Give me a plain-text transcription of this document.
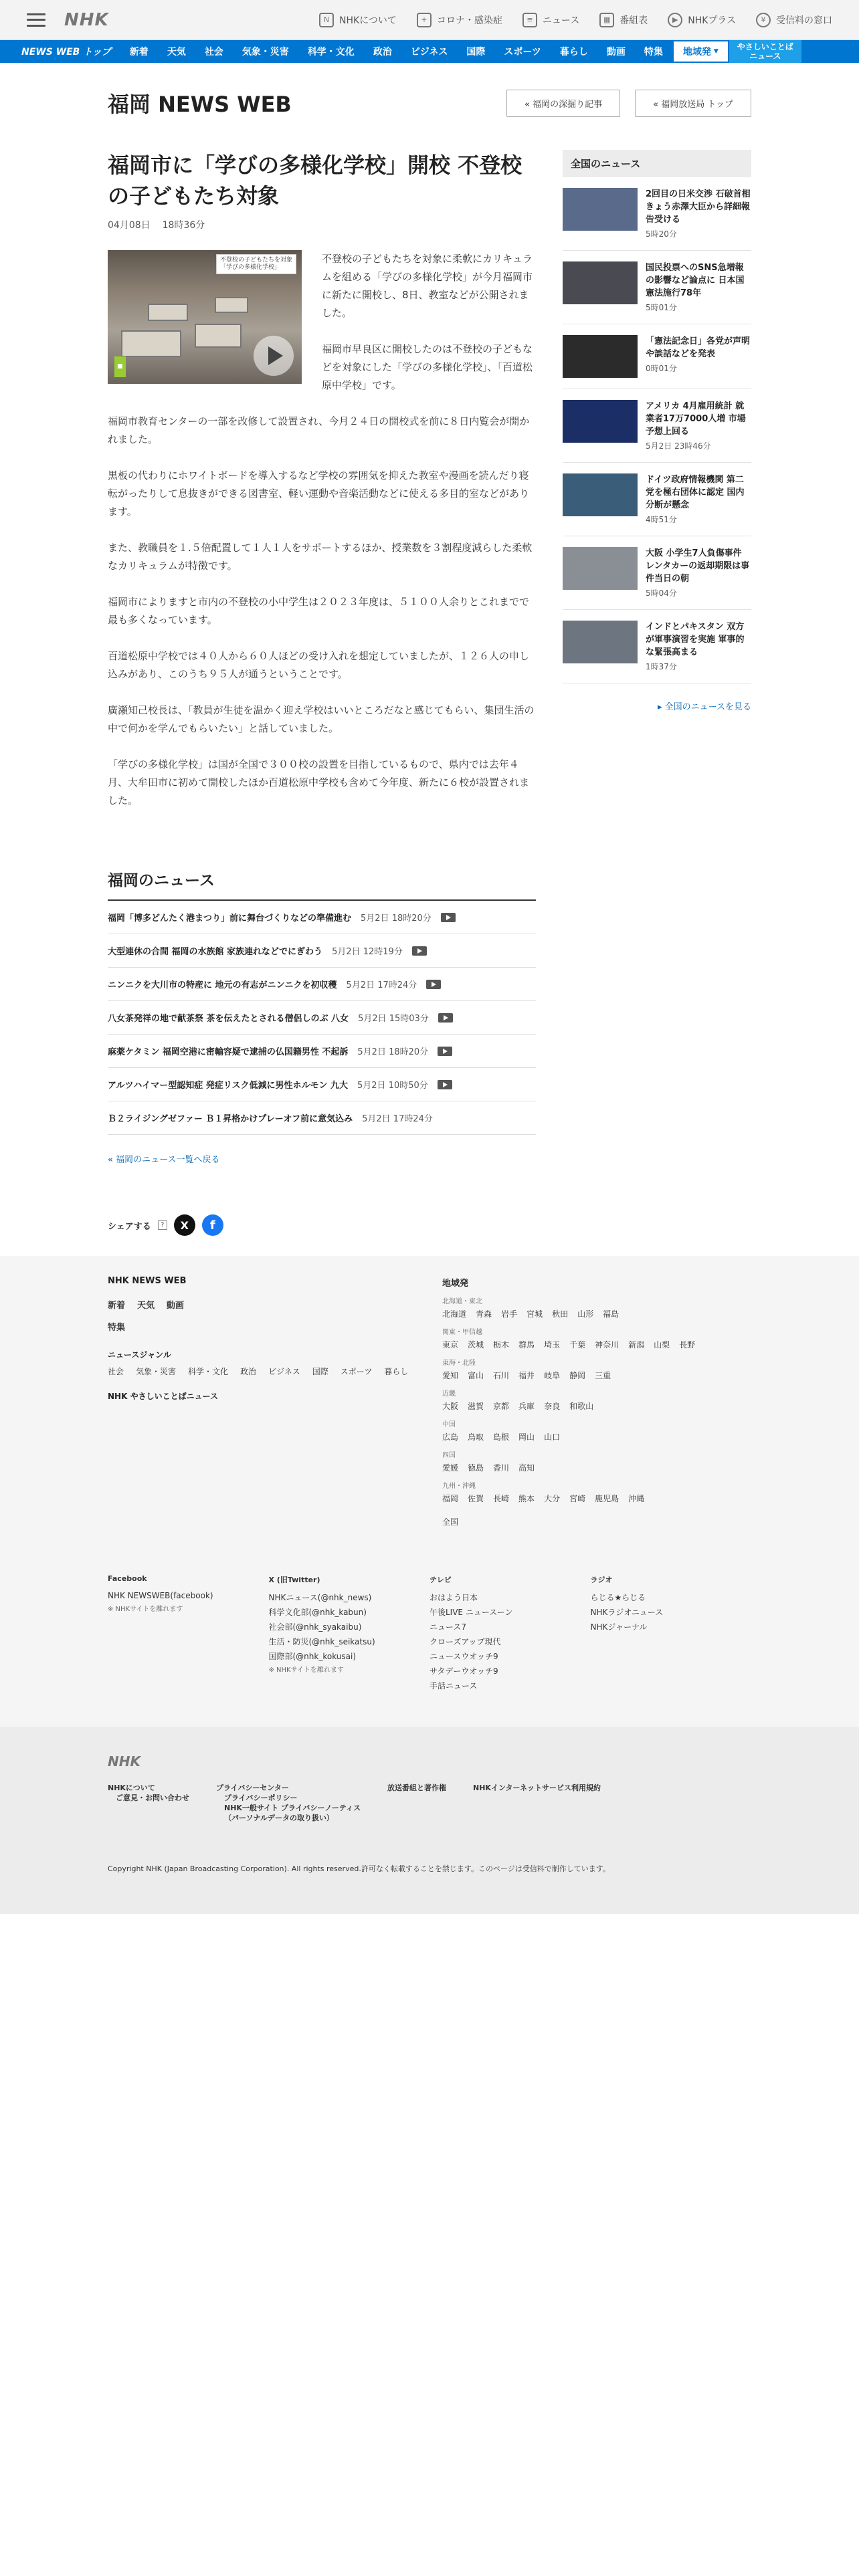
NHK	N	NHKについて	+	コロナ・感染症	≡	ニュース	▦ 番組表	▶	NHKプラス	¥	受信料の窓口
NEWS WEB トップ	新着	天気	社会	気象・災害	科学・文化	政治	ビジネス	国際	スポーツ	暮らし	動画	特集	地域発 ▼ やさしいことば
ニュース
福岡 NEWS WEB	« 福岡の深掘り記事	« 福岡放送局 トップ
福岡市に「学びの多様化学校」開校 不登校の子どもたち対象
04月08日 18時36分
不登校の子どもたちを対象
「学びの多様化学校」
■

不登校の子どもたちを対象に柔軟にカリキュラムを組める「学びの多様化学校」が今月福岡市に新たに開校し、8日、教室などが公開されました。

福岡市早良区に開校したのは不登校の子どもなどを対象にした「学びの多様化学校」、「百道松原中学校」です。

福岡市教育センターの一部を改修して設置され、今月２４日の開校式を前に８日内覧会が開かれました。

黒板の代わりにホワイトボードを導入するなど学校の雰囲気を抑えた教室や漫画を読んだり寝転がったりして息抜きができる図書室、軽い運動や音楽活動などに使える多目的室などがあります。

また、教職員を１.５倍配置して１人１人をサポートするほか、授業数を３割程度減らした柔軟なカリキュラムが特徴です。

福岡市によりますと市内の不登校の小中学生は２０２３年度は、５１００人余りとこれまでで最も多くなっています。

百道松原中学校では４０人から６０人ほどの受け入れを想定していましたが、１２６人の申し込みがあり、このうち９５人が通うということです。

廣瀬知己校長は、「教員が生徒を温かく迎え学校はいいところだなと感じてもらい、集団生活の中で何かを学んでもらいたい」と話していました。

「学びの多様化学校」は国が全国で３００校の設置を目指しているもので、県内では去年４月、大牟田市に初めて開校したほか百道松原中学校も含めて今年度、新たに６校が設置されました。

全国のニュース
2回目の日米交渉 石破首相 きょう赤澤大臣から詳細報告受ける
5時20分
国民投票へのSNS急増報の影響など論点に 日本国憲法施行78年
5時01分
「憲法記念日」各党が声明や談話などを発表
0時01分
アメリカ 4月雇用統計 就業者17万7000人増 市場予想上回る
5月2日 23時46分
ドイツ政府情報機関 第二党を極右団体に認定 国内分断が懸念
4時51分
大阪 小学生7人負傷事件 レンタカーの返却期限は事件当日の朝
5時04分
インドとパキスタン 双方が軍事演習を実施 軍事的な緊張高まる
1時37分
▸ 全国のニュースを見る
福岡のニュース
福岡「博多どんたく港まつり」前に舞台づくりなどの準備進む 5月2日 18時20分
大型連休の合間 福岡の水族館 家族連れなどでにぎわう 5月2日 12時19分
ニンニクを大川市の特産に 地元の有志がニンニクを初収穫 5月2日 17時24分
八女茶発祥の地で献茶祭 茶を伝えたとされる僧侶しのぶ 八女 5月2日 15時03分
麻薬ケタミン 福岡空港に密輸容疑で逮捕の仏国籍男性 不起訴 5月2日 18時20分
アルツハイマー型認知症 発症リスク低減に男性ホルモン 九大 5月2日 10時50分
Ｂ２ライジングゼファー Ｂ１昇格かけプレーオフ前に意気込み 5月2日 17時24分
« 福岡のニュース一覧へ戻る
シェアする	?	X	f
NHK NEWS WEB
新着 天気 動画
特集
ニュースジャンル
社会 気象・災害 科学・文化 政治 ビジネス 国際 スポーツ 暮らし
NHK やさしいことばニュース
地域発
北海道・東北
北海道 青森 岩手 宮城 秋田 山形 福島
関東・甲信越
東京 茨城 栃木 群馬 埼玉 千葉 神奈川 新潟 山梨 長野
東海・北陸
愛知 富山 石川 福井 岐阜 静岡 三重
近畿
大阪 滋賀 京都 兵庫 奈良 和歌山
中国
広島 鳥取 島根 岡山 山口
四国
愛媛 徳島 香川 高知
九州・沖縄
福岡 佐賀 長崎 熊本 大分 宮崎 鹿児島 沖縄
全国
Facebook
NHK NEWSWEB(facebook)
※ NHKサイトを離れます
X (旧Twitter)
NHKニュース(@nhk_news)
科学文化部(@nhk_kabun)
社会部(@nhk_syakaibu)
生活・防災(@nhk_seikatsu)
国際部(@nhk_kokusai)
※ NHKサイトを離れます
テレビ
おはよう日本
午後LIVE ニュースーン
ニュース7
クローズアップ現代
ニュースウオッチ9
サタデーウオッチ9
手話ニュース
ラジオ
らじる★らじる
NHKラジオニュース
NHKジャーナル
NHK
NHKについて
ご意見・お問い合わせ
プライバシーセンター
プライバシーポリシー
NHK一般サイト プライバシーノーティス
（パーソナルデータの取り扱い）
放送番組と著作権	NHKインターネットサービス利用規約
Copyright NHK (Japan Broadcasting Corporation). All rights reserved.許可なく転載することを禁じます。このページは受信料で制作しています。
